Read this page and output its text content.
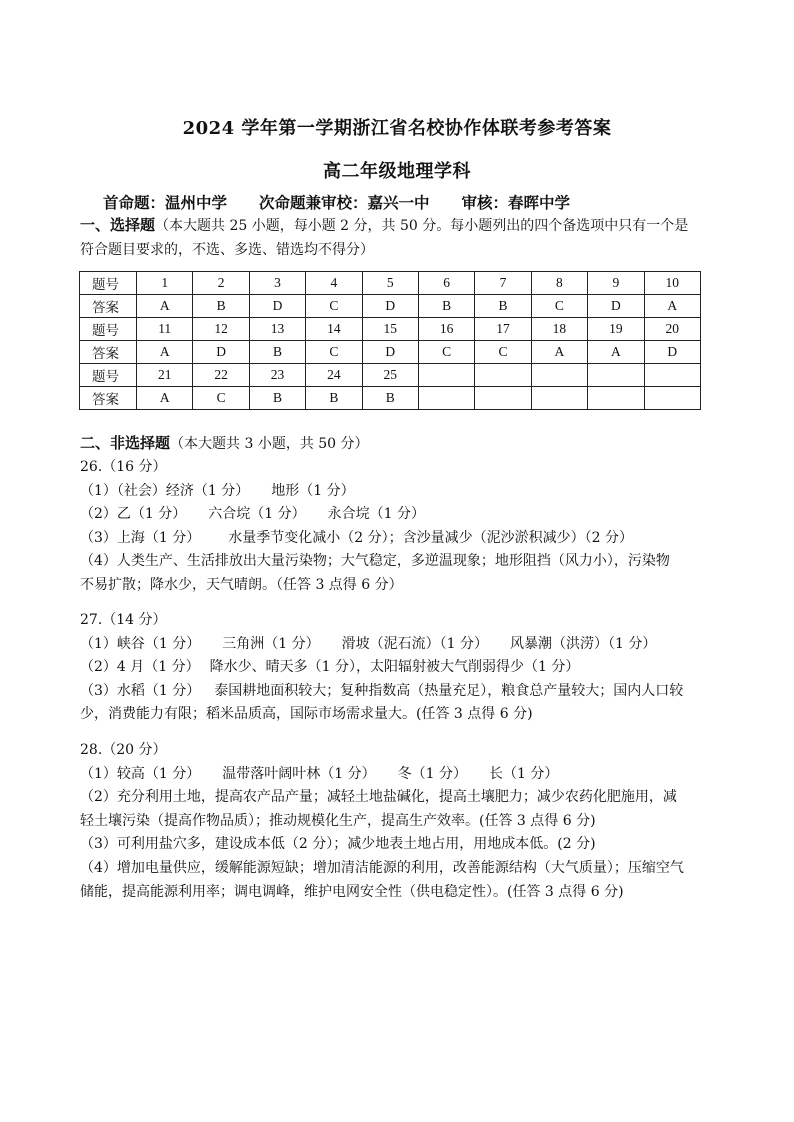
2024 学年第一学期浙江省名校协作体联考参考答案
高二年级地理学科
首命题：温州中学 次命题兼审校：嘉兴一中 审核：春晖中学
一、选择题（本大题共 25 小题，每小题 2 分，共 50 分。每小题列出的四个备选项中只有一个是
符合题目要求的，不选、多选、错选均不得分）
题号	1	2	3	4	5	6	7	8	9	10
答案	A	B	D	C	D	B	B	C	D	A
题号	11	12	13	14	15	16	17	18	19	20
答案	A	D	B	C	D	C	C	A	A	D
题号	21	22	23	24	25					
答案	A	C	B	B	B					
二、非选择题（本大题共 3 小题，共 50 分）

26.（16 分）

（1）（社会）经济（1 分） 地形（1 分）

（2）乙（1 分） 六合垸（1 分） 永合垸（1 分）

（3）上海（1 分） 水量季节变化减小（2 分）；含沙量减少（泥沙淤积减少）（2 分）

（4）人类生产、生活排放出大量污染物；大气稳定，多逆温现象；地形阻挡（风力小），污染物

不易扩散；降水少，天气晴朗。（任答 3 点得 6 分）

27.（14 分）

（1）峡谷（1 分） 三角洲（1 分） 滑坡（泥石流）（1 分） 风暴潮（洪涝）（1 分）

（2）4 月（1 分） 降水少、晴天多（1 分），太阳辐射被大气削弱得少（1 分）

（3）水稻（1 分） 泰国耕地面积较大；复种指数高（热量充足），粮食总产量较大；国内人口较

少，消费能力有限；稻米品质高，国际市场需求量大。(任答 3 点得 6 分)

28.（20 分）

（1）较高（1 分） 温带落叶阔叶林（1 分） 冬（1 分） 长（1 分）

（2）充分利用土地，提高农产品产量；减轻土地盐碱化，提高土壤肥力；减少农药化肥施用，减

轻土壤污染（提高作物品质）；推动规模化生产，提高生产效率。(任答 3 点得 6 分)

（3）可利用盐穴多，建设成本低（2 分）；减少地表土地占用，用地成本低。(2 分)

（4）增加电量供应，缓解能源短缺；增加清洁能源的利用，改善能源结构（大气质量）；压缩空气

储能，提高能源利用率；调电调峰，维护电网安全性（供电稳定性）。(任答 3 点得 6 分)
